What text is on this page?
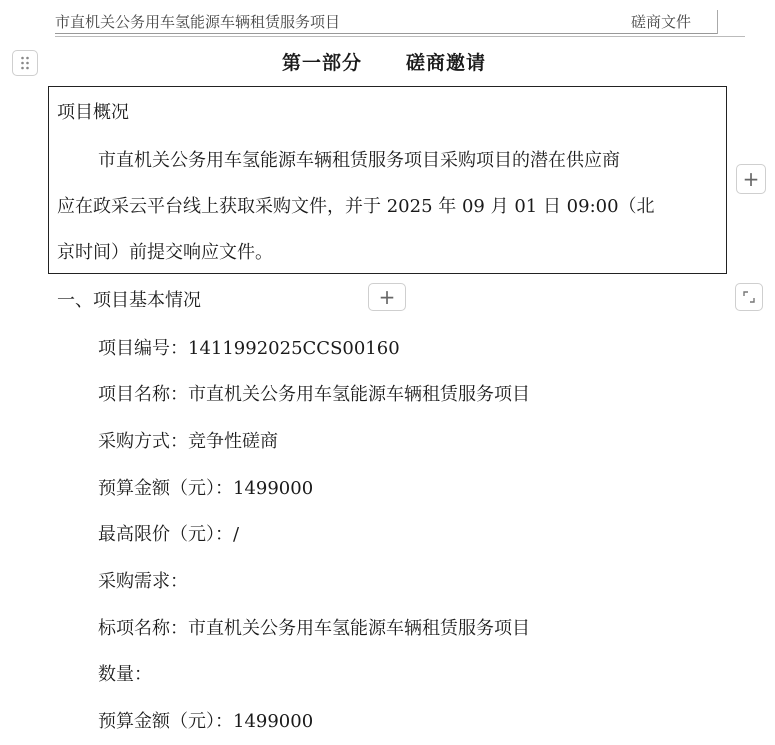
市直机关公务用车氢能源车辆租赁服务项目	磋商文件
+
+
第一部分 磋商邀请
项目概况
市直机关公务用车氢能源车辆租赁服务项目采购项目的潜在供应商
应在政采云平台线上获取采购文件，并于 2025 年 09 月 01 日 09:00（北
京时间）前提交响应文件。
一、项目基本情况
项目编号：1411992025CCS00160
项目名称：市直机关公务用车氢能源车辆租赁服务项目
采购方式：竞争性磋商
预算金额（元）：1499000
最高限价（元）：/
采购需求：
标项名称：市直机关公务用车氢能源车辆租赁服务项目
数量：
预算金额（元）：1499000
